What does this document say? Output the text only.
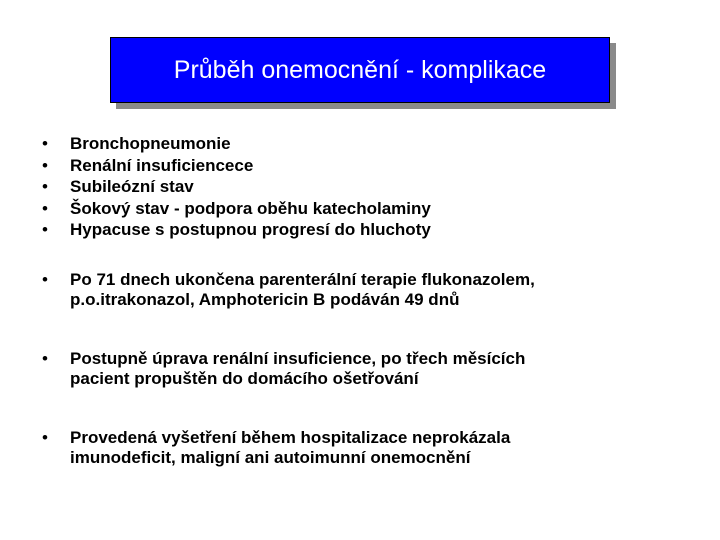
Průběh onemocnění - komplikace
• Bronchopneumonie
• Renální insuficiencece
• Subileózní stav
• Šokový stav - podpora oběhu katecholaminy
• Hypacuse s postupnou progresí do hluchoty
• Po 71 dnech ukončena parenterální terapie flukonazolem,
p.o.itrakonazol, Amphotericin B podáván 49 dnů
• Postupně úprava renální insuficience, po třech měsících
pacient propuštěn do domácího ošetřování
• Provedená vyšetření během hospitalizace neprokázala
imunodeficit, maligní ani autoimunní onemocnění
